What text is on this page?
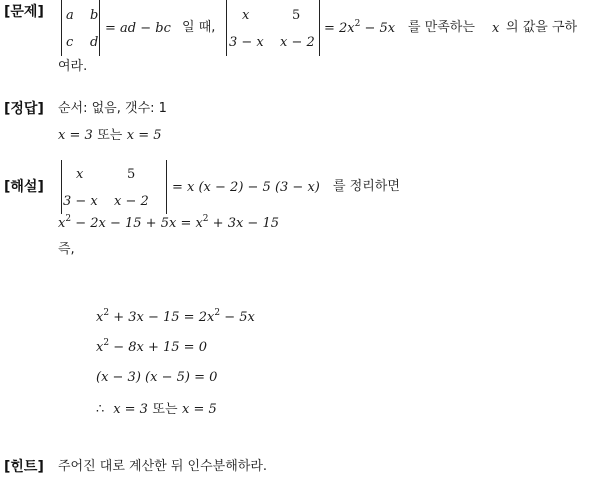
[문제] a b
c d
= ad − bc 일 때,
x	5
3 − x x − 2
= $2x^2 - 5x$ 를 만족하는 x 의 값을 구하
여라.
[정답] 순서: 없음, 갯수: 1
x = 3 또는 x = 5
[해설]
x	5
3 − x x − 2
= x (x − 2) − 5 (3 − x) 를 정리하면
$x^2 - 2x - 15 + 5x = x^2 + 3x - 15$
즉,
$x^2 + 3x - 15 = 2x^2 - 5x$
$x^2 - 8x + 15 = 0$
(x − 3) (x − 5) = 0
∴ x = 3 또는 x = 5
[힌트] 주어진 대로 계산한 뒤 인수분해하라.
